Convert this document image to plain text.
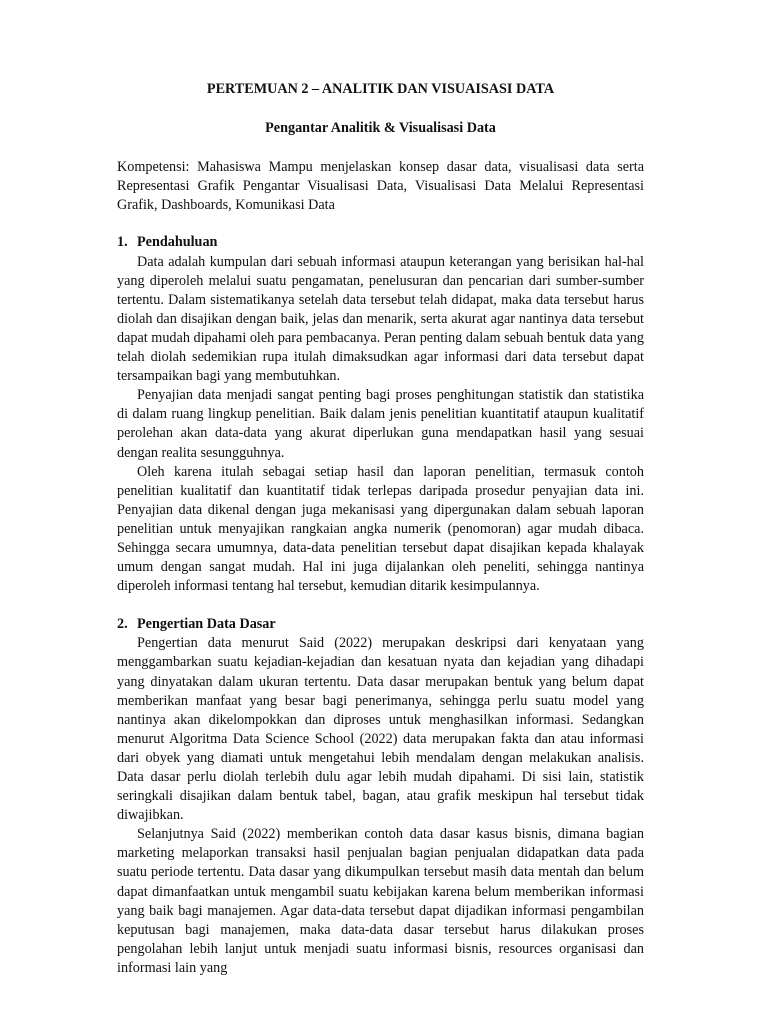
PERTEMUAN 2 – ANALITIK DAN VISUAISASI DATA

Pengantar Analitik & Visualisasi Data

Kompetensi: Mahasiswa Mampu menjelaskan konsep dasar data, visualisasi data serta Representasi Grafik Pengantar Visualisasi Data, Visualisasi Data Melalui Representasi Grafik, Dashboards, Komunikasi Data

1. Pendahuluan

Data adalah kumpulan dari sebuah informasi ataupun keterangan yang berisikan hal-hal yang diperoleh melalui suatu pengamatan, penelusuran dan pencarian dari sumber-sumber tertentu. Dalam sistematikanya setelah data tersebut telah didapat, maka data tersebut harus diolah dan disajikan dengan baik, jelas dan menarik, serta akurat agar nantinya data tersebut dapat mudah dipahami oleh para pembacanya. Peran penting dalam sebuah bentuk data yang telah diolah sedemikian rupa itulah dimaksudkan agar informasi dari data tersebut dapat tersampaikan bagi yang membutuhkan.

Penyajian data menjadi sangat penting bagi proses penghitungan statistik dan statistika di dalam ruang lingkup penelitian. Baik dalam jenis penelitian kuantitatif ataupun kualitatif perolehan akan data-data yang akurat diperlukan guna mendapatkan hasil yang sesuai dengan realita sesungguhnya.

Oleh karena itulah sebagai setiap hasil dan laporan penelitian, termasuk contoh penelitian kualitatif dan kuantitatif tidak terlepas daripada prosedur penyajian data ini. Penyajian data dikenal dengan juga mekanisasi yang dipergunakan dalam sebuah laporan penelitian untuk menyajikan rangkaian angka numerik (penomoran) agar mudah dibaca. Sehingga secara umumnya, data-data penelitian tersebut dapat disajikan kepada khalayak umum dengan sangat mudah. Hal ini juga dijalankan oleh peneliti, sehingga nantinya diperoleh informasi tentang hal tersebut, kemudian ditarik kesimpulannya.

2. Pengertian Data Dasar

Pengertian data menurut Said (2022) merupakan deskripsi dari kenyataan yang menggambarkan suatu kejadian-kejadian dan kesatuan nyata dan kejadian yang dihadapi yang dinyatakan dalam ukuran tertentu. Data dasar merupakan bentuk yang belum dapat memberikan manfaat yang besar bagi penerimanya, sehingga perlu suatu model yang nantinya akan dikelompokkan dan diproses untuk menghasilkan informasi. Sedangkan menurut Algoritma Data Science School (2022) data merupakan fakta dan atau informasi dari obyek yang diamati untuk mengetahui lebih mendalam dengan melakukan analisis. Data dasar perlu diolah terlebih dulu agar lebih mudah dipahami. Di sisi lain, statistik seringkali disajikan dalam bentuk tabel, bagan, atau grafik meskipun hal tersebut tidak diwajibkan.

Selanjutnya Said (2022) memberikan contoh data dasar kasus bisnis, dimana bagian marketing melaporkan transaksi hasil penjualan bagian penjualan didapatkan data pada suatu periode tertentu. Data dasar yang dikumpulkan tersebut masih data mentah dan belum dapat dimanfaatkan untuk mengambil suatu kebijakan karena belum memberikan informasi yang baik bagi manajemen. Agar data-data tersebut dapat dijadikan informasi pengambilan keputusan bagi manajemen, maka data-data dasar tersebut harus dilakukan proses pengolahan lebih lanjut untuk menjadi suatu informasi bisnis, resources organisasi dan informasi lain yang
